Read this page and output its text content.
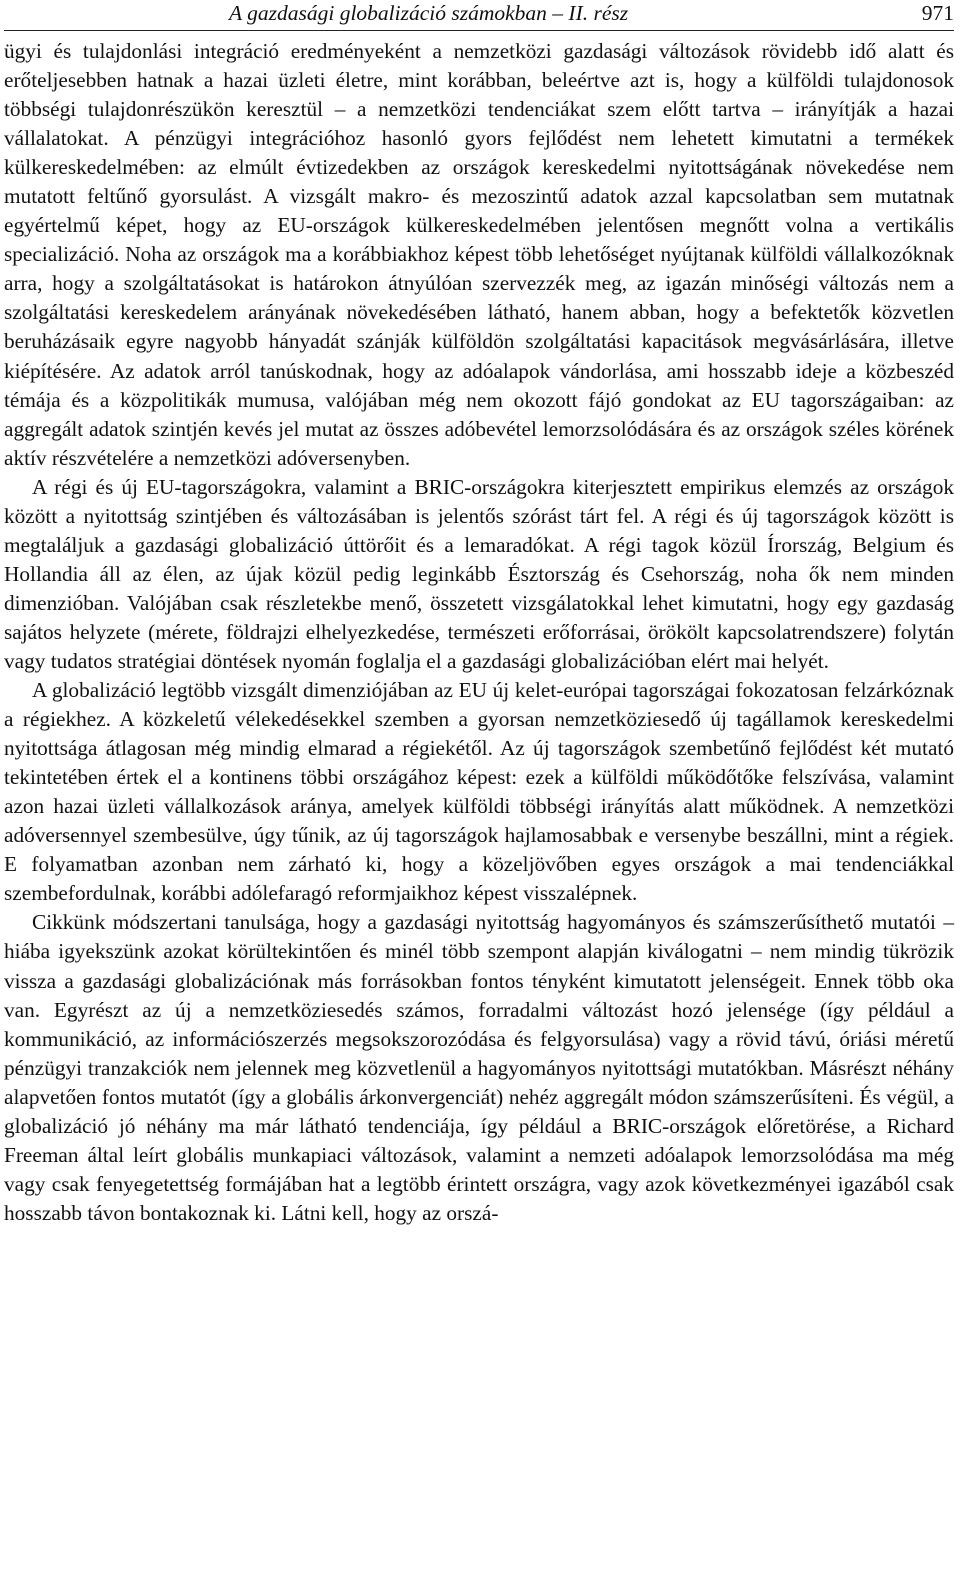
A gazdasági globalizáció számokban – II. rész	971

ügyi és tulajdonlási integráció eredményeként a nemzetközi gazdasági változások rövidebb idő alatt és erőteljesebben hatnak a hazai üzleti életre, mint korábban, beleértve azt is, hogy a külföldi tulajdonosok többségi tulajdonrészükön keresztül – a nemzetközi tendenciákat szem előtt tartva – irányítják a hazai vállalatokat. A pénzügyi integrációhoz hasonló gyors fejlődést nem lehetett kimutatni a termékek külkereskedelmében: az elmúlt évtizedekben az országok kereskedelmi nyitottságának növekedése nem mutatott feltűnő gyorsulást. A vizsgált makro- és mezoszintű adatok azzal kapcsolatban sem mutatnak egyértelmű képet, hogy az EU-országok külkereskedelmében jelentősen megnőtt volna a vertikális specializáció. Noha az országok ma a korábbiakhoz képest több lehetőséget nyújtanak külföldi vállalkozóknak arra, hogy a szolgáltatásokat is határokon átnyúlóan szervezzék meg, az igazán minőségi változás nem a szolgáltatási kereskedelem arányának növekedésében látható, hanem abban, hogy a befektetők közvetlen beruházásaik egyre nagyobb hányadát szánják külföldön szolgáltatási kapacitások megvásárlására, illetve kiépítésére. Az adatok arról tanúskodnak, hogy az adóalapok vándorlása, ami hosszabb ideje a közbeszéd témája és a közpolitikák mumusa, valójában még nem okozott fájó gondokat az EU tagországaiban: az aggregált adatok szintjén kevés jel mutat az összes adóbevétel lemorzsolódására és az országok széles körének aktív részvételére a nemzetközi adóversenyben.

A régi és új EU-tagországokra, valamint a BRIC-országokra kiterjesztett empirikus elemzés az országok között a nyitottság szintjében és változásában is jelentős szórást tárt fel. A régi és új tagországok között is megtaláljuk a gazdasági globalizáció úttörőit és a lemaradókat. A régi tagok közül Írország, Belgium és Hollandia áll az élen, az újak közül pedig leginkább Észtország és Csehország, noha ők nem minden dimenzióban. Valójában csak részletekbe menő, összetett vizsgálatokkal lehet kimutatni, hogy egy gazdaság sajátos helyzete (mérete, földrajzi elhelyezkedése, természeti erőforrásai, örökölt kapcsolatrendszere) folytán vagy tudatos stratégiai döntések nyomán foglalja el a gazdasági globalizációban elért mai helyét.

A globalizáció legtöbb vizsgált dimenziójában az EU új kelet-európai tagországai fokozatosan felzárkóznak a régiekhez. A közkeletű vélekedésekkel szemben a gyorsan nemzetköziesedő új tagállamok kereskedelmi nyitottsága átlagosan még mindig elmarad a régiekétől. Az új tagországok szembetűnő fejlődést két mutató tekintetében értek el a kontinens többi országához képest: ezek a külföldi működőtőke felszívása, valamint azon hazai üzleti vállalkozások aránya, amelyek külföldi többségi irányítás alatt működnek. A nemzetközi adóversennyel szembesülve, úgy tűnik, az új tagországok hajlamosabbak e versenybe beszállni, mint a régiek. E folyamatban azonban nem zárható ki, hogy a közeljövőben egyes országok a mai tendenciákkal szembefordulnak, korábbi adólefaragó reformjaikhoz képest visszalépnek.

Cikkünk módszertani tanulsága, hogy a gazdasági nyitottság hagyományos és számszerűsíthető mutatói – hiába igyekszünk azokat körültekintően és minél több szempont alapján kiválogatni – nem mindig tükrözik vissza a gazdasági globalizációnak más forrásokban fontos tényként kimutatott jelenségeit. Ennek több oka van. Egyrészt az új a nemzetköziesedés számos, forradalmi változást hozó jelensége (így például a kommunikáció, az információszerzés megsokszorozódása és felgyorsulása) vagy a rövid távú, óriási méretű pénzügyi tranzakciók nem jelennek meg közvetlenül a hagyományos nyitottsági mutatókban. Másrészt néhány alapvetően fontos mutatót (így a globális árkonvergenciát) nehéz aggregált módon számszerűsíteni. És végül, a globalizáció jó néhány ma már látható tendenciája, így például a BRIC-országok előretörése, a Richard Freeman által leírt globális munkapiaci változások, valamint a nemzeti adóalapok lemorzsolódása ma még vagy csak fenyegetettség formájában hat a legtöbb érintett országra, vagy azok következményei igazából csak hosszabb távon bontakoznak ki. Látni kell, hogy az orszá-
